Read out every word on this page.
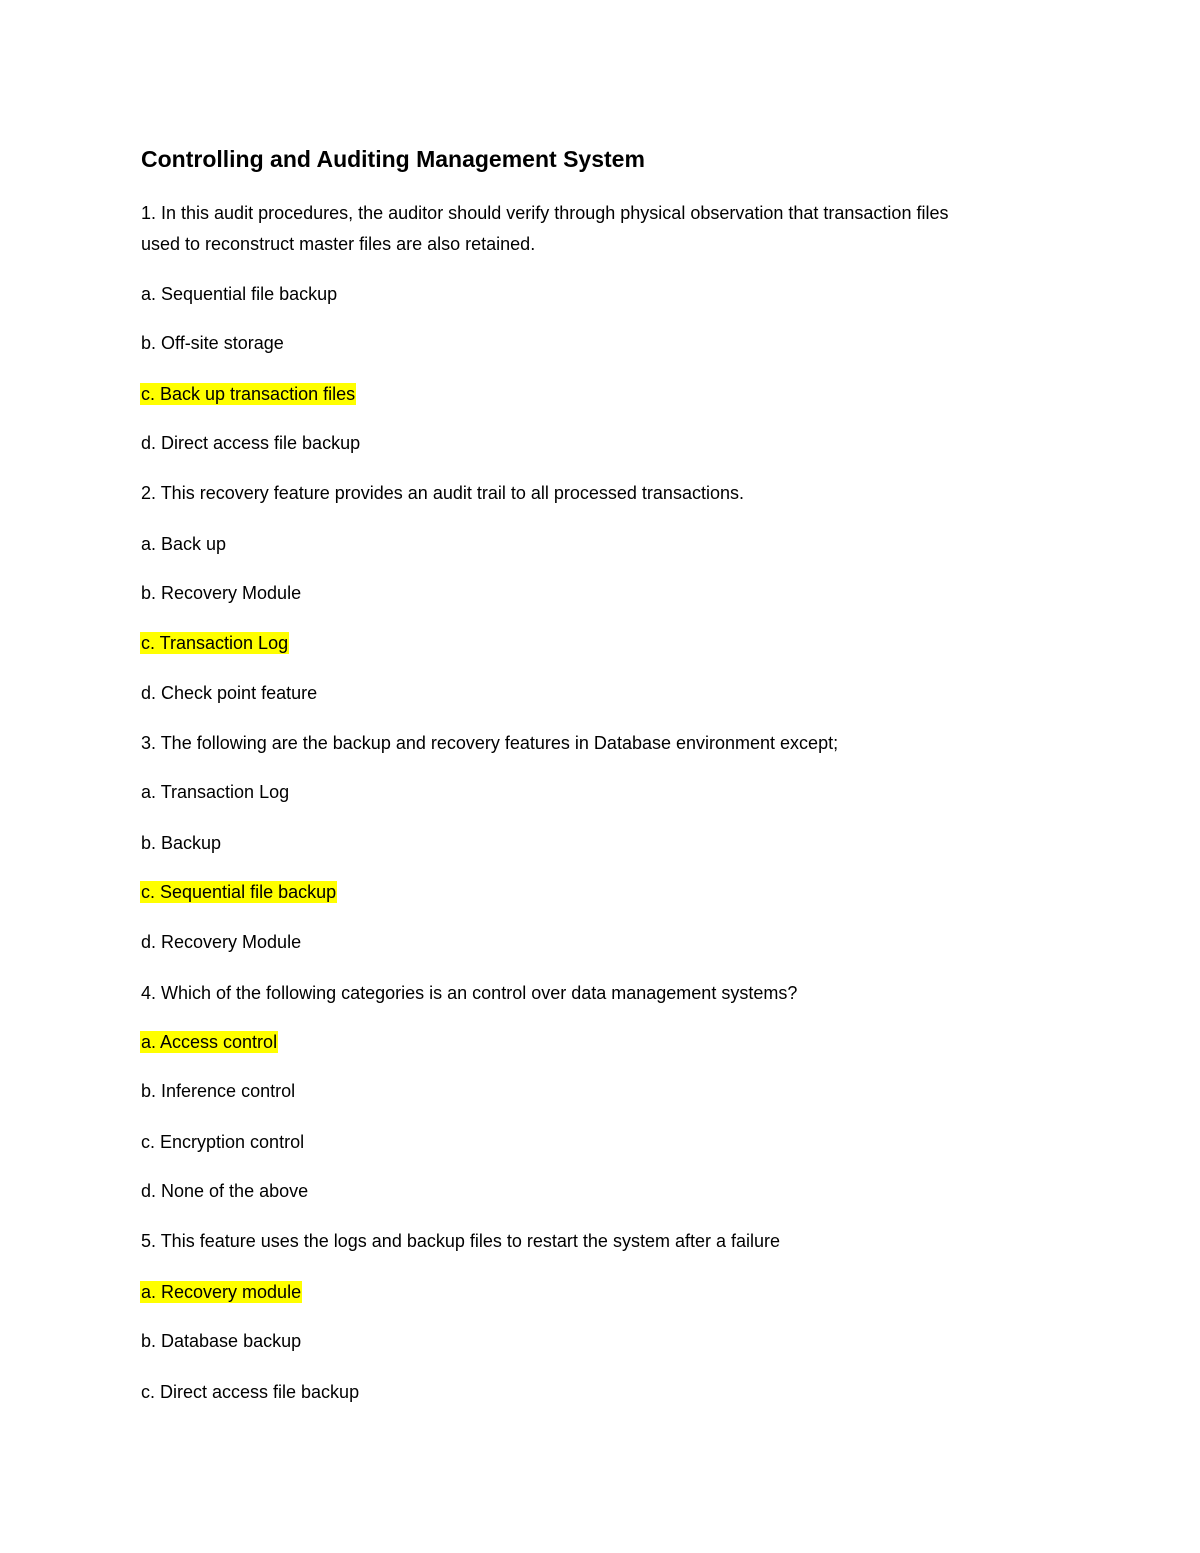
Controlling and Auditing Management System
1. In this audit procedures, the auditor should verify through physical observation that transaction files
used to reconstruct master files are also retained.
a. Sequential file backup
b. Off-site storage
c. Back up transaction files
d. Direct access file backup
2. This recovery feature provides an audit trail to all processed transactions.
a. Back up
b. Recovery Module
c. Transaction Log
d. Check point feature
3. The following are the backup and recovery features in Database environment except;
a. Transaction Log
b. Backup
c. Sequential file backup
d. Recovery Module
4. Which of the following categories is an control over data management systems?
a. Access control
b. Inference control
c. Encryption control
d. None of the above
5. This feature uses the logs and backup files to restart the system after a failure
a. Recovery module
b. Database backup
c. Direct access file backup
